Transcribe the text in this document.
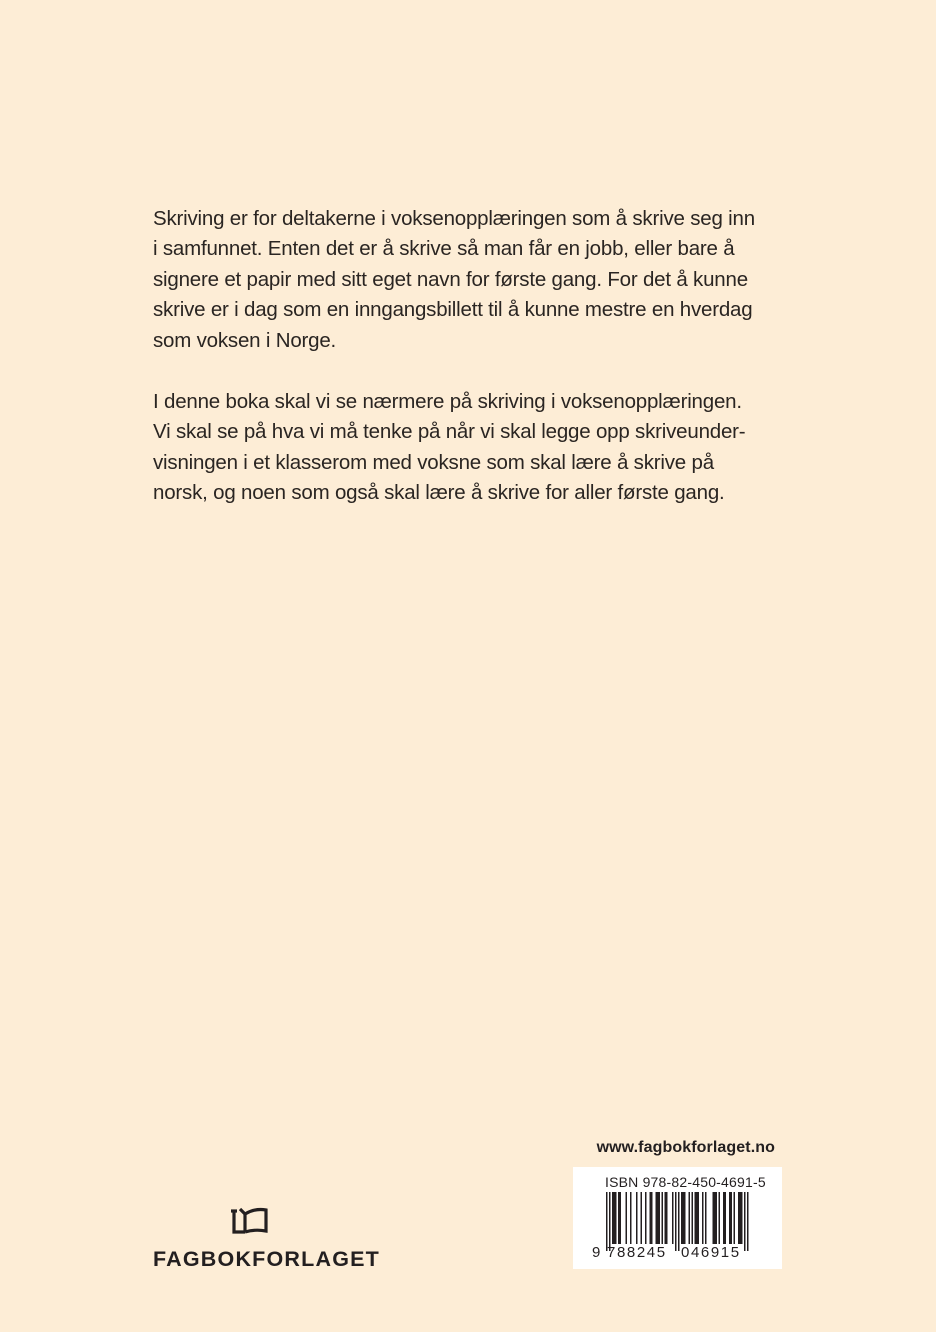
Skriving er for deltakerne i voksenopplæringen som å skrive seg inn
i samfunnet. Enten det er å skrive så man får en jobb, eller bare å
signere et papir med sitt eget navn for første gang. For det å kunne
skrive er i dag som en inngangsbillett til å kunne mestre en hverdag
som voksen i Norge.

I denne boka skal vi se nærmere på skriving i voksenopplæringen.
Vi skal se på hva vi må tenke på når vi skal legge opp skriveunder-
visningen i et klasserom med voksne som skal lære å skrive på
norsk, og noen som også skal lære å skrive for aller første gang.

www.fagbokforlaget.no
ISBN 978-82-450-4691-5
9 788245 046915
FAGBOKFORLAGET
